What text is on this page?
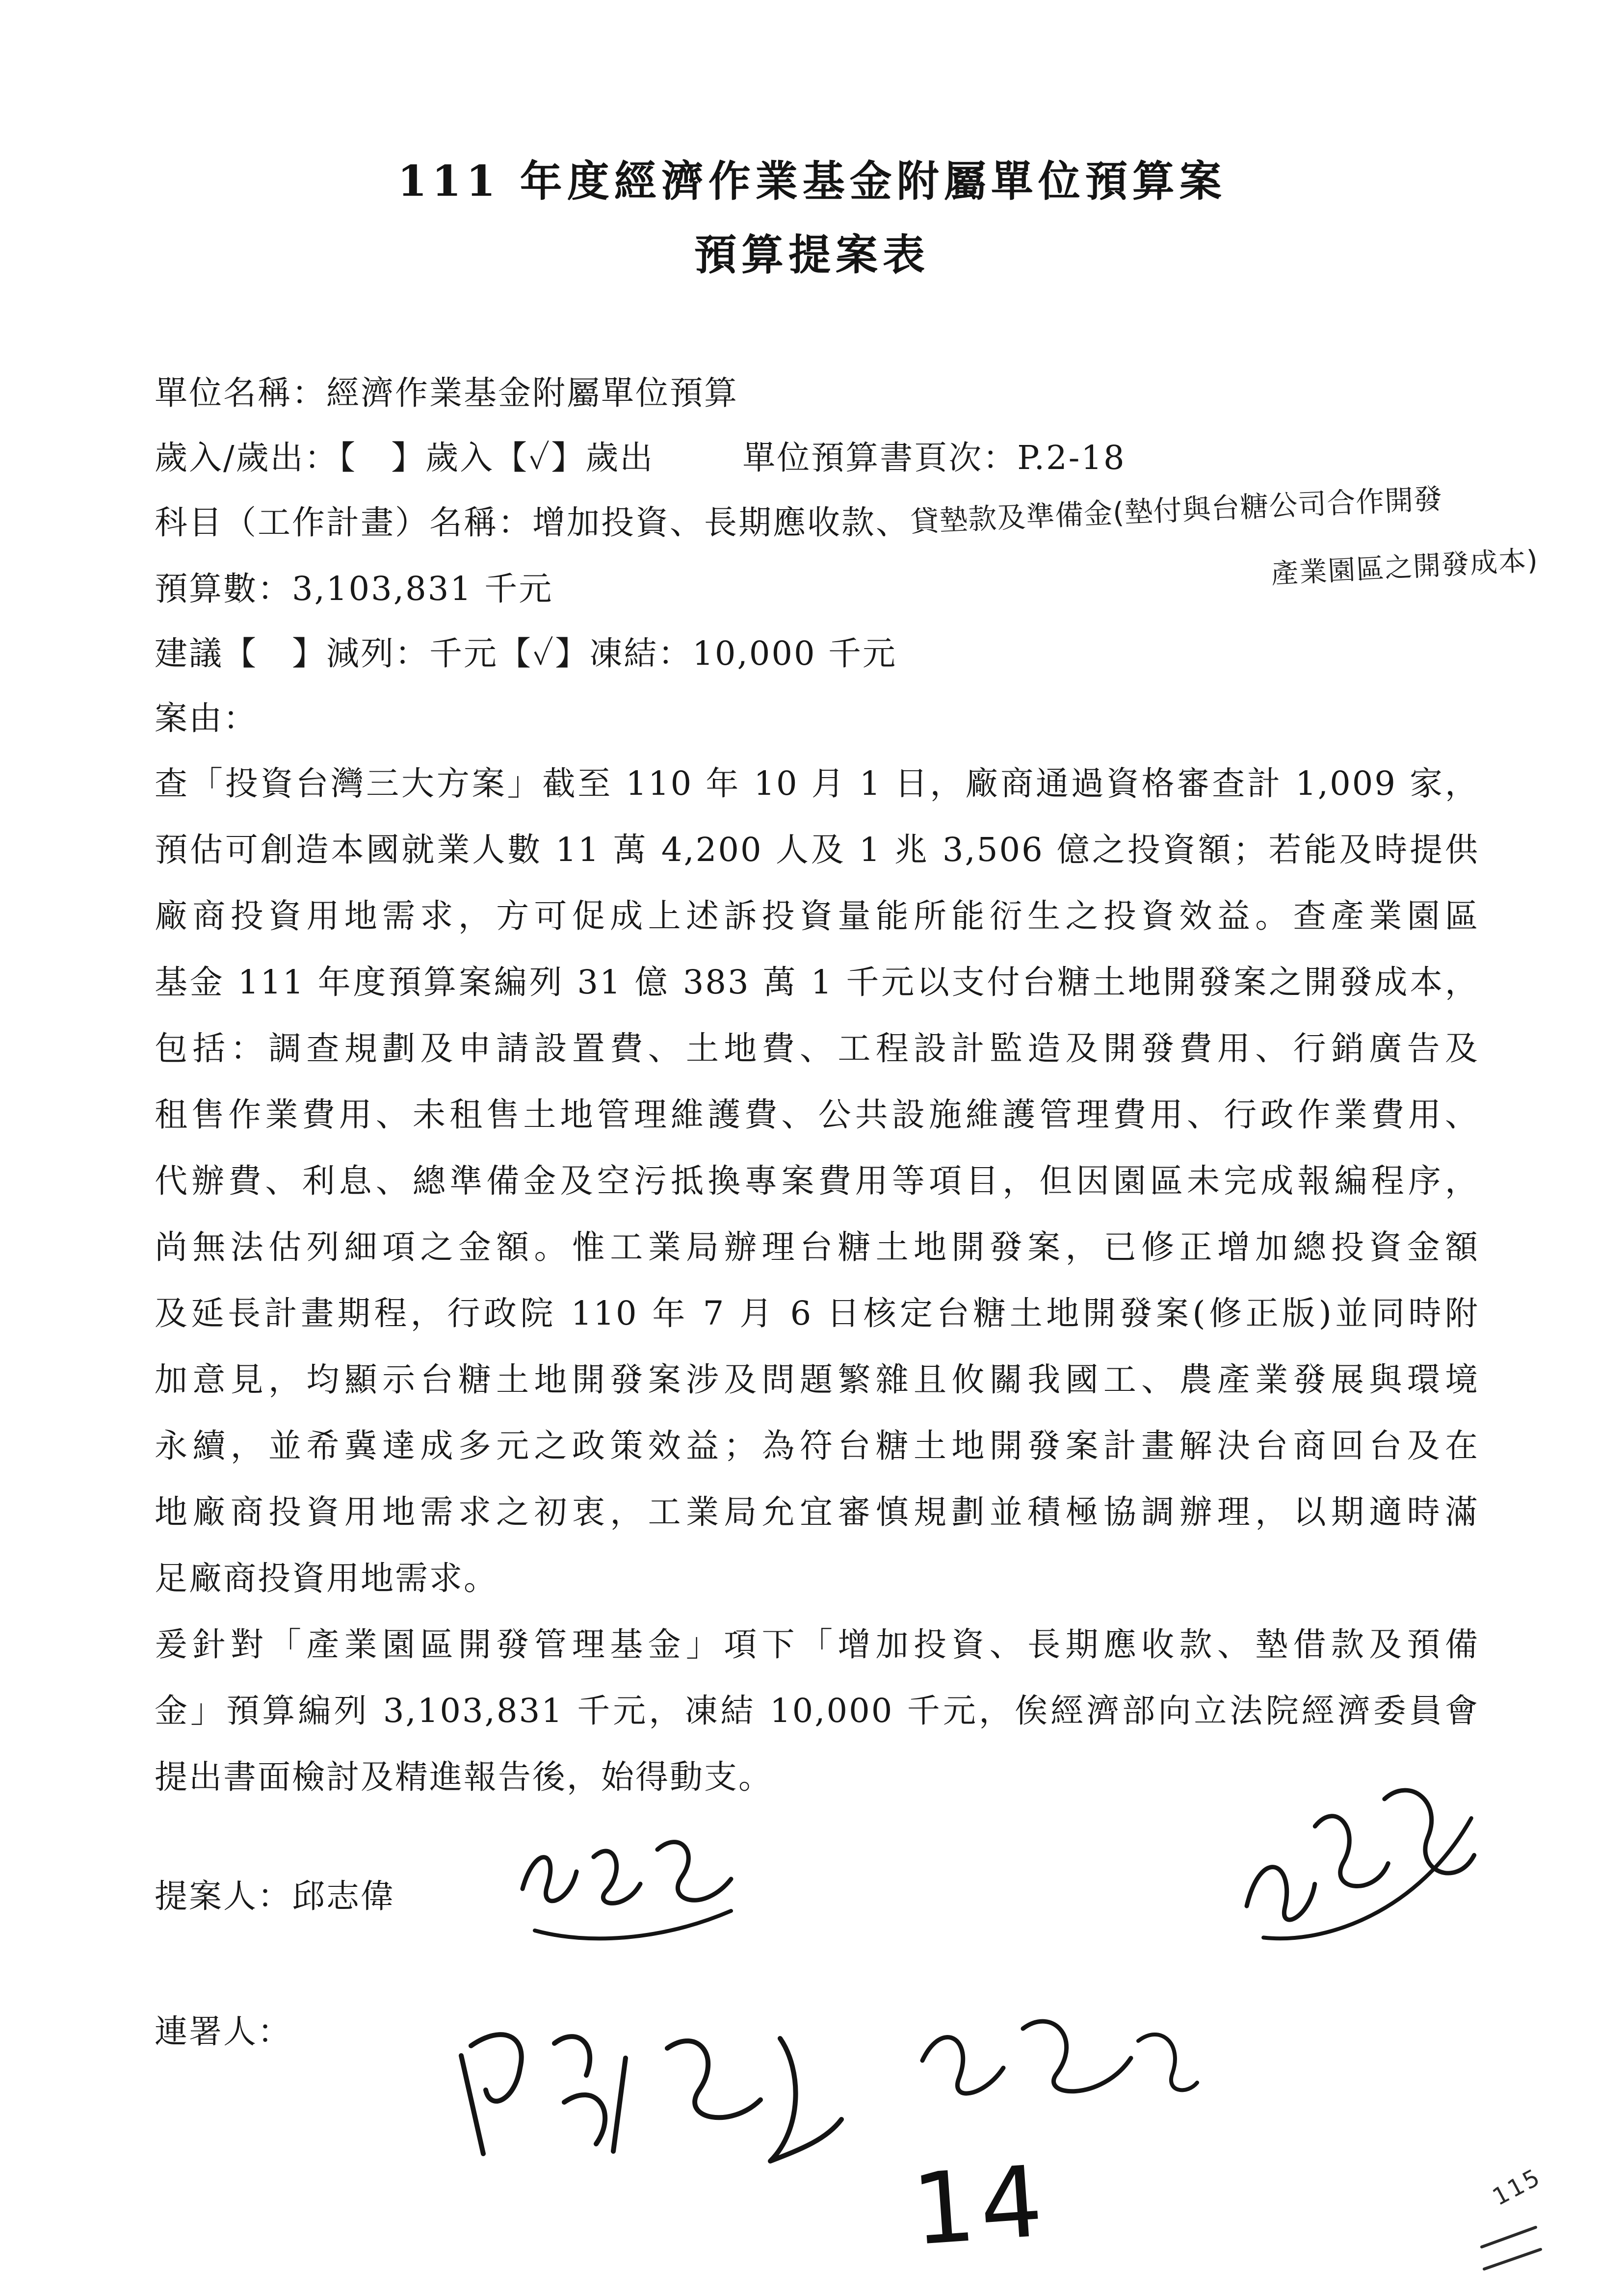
111 年度經濟作業基金附屬單位預算案
預算提案表
單位名稱：經濟作業基金附屬單位預算
歲入/歲出：【　】歲入【✓】歲出	單位預算書頁次：P.2-18
科目（工作計畫）名稱：增加投資、長期應收款、貸墊款及準備金(墊付與台糖公司合作開發
預算數：3,103,831 千元
建議【　】減列：千元【✓】凍結：10,000 千元
案由：
查「投資台灣三大方案」截至 110 年 10 月 1 日，廠商通過資格審查計 1,009 家，
預估可創造本國就業人數 11 萬 4,200 人及 1 兆 3,506 億之投資額；若能及時提供
廠商投資用地需求，方可促成上述訴投資量能所能衍生之投資效益。查產業園區
基金 111 年度預算案編列 31 億 383 萬 1 千元以支付台糖土地開發案之開發成本，
包括：調查規劃及申請設置費、土地費、工程設計監造及開發費用、行銷廣告及
租售作業費用、未租售土地管理維護費、公共設施維護管理費用、行政作業費用、
代辦費、利息、總準備金及空污抵換專案費用等項目，但因園區未完成報編程序，
尚無法估列細項之金額。惟工業局辦理台糖土地開發案，已修正增加總投資金額
及延長計畫期程，行政院 110 年 7 月 6 日核定台糖土地開發案(修正版)並同時附
加意見，均顯示台糖土地開發案涉及問題繁雜且攸關我國工、農產業發展與環境
永續，並希冀達成多元之政策效益；為符台糖土地開發案計畫解決台商回台及在
地廠商投資用地需求之初衷，工業局允宜審慎規劃並積極協調辦理，以期適時滿
足廠商投資用地需求。
爰針對「產業園區開發管理基金」項下「增加投資、長期應收款、墊借款及預備
金」預算編列 3,103,831 千元，凍結 10,000 千元，俟經濟部向立法院經濟委員會
提出書面檢討及精進報告後，始得動支。
產業園區之開發成本)
提案人：邱志偉
連署人：
14	115
